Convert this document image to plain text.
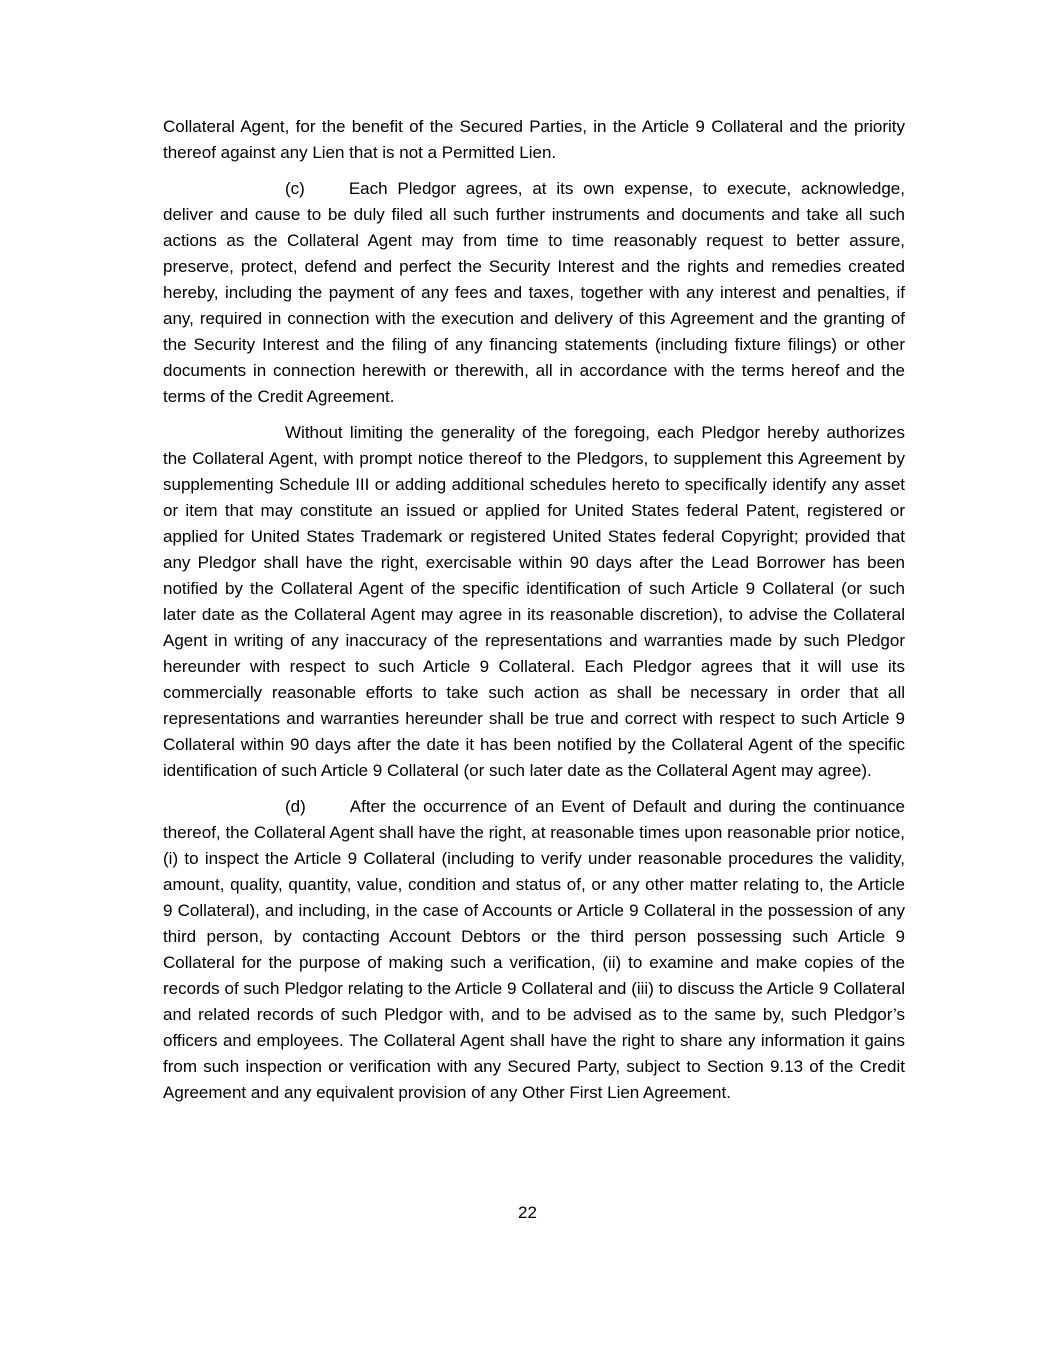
Collateral Agent, for the benefit of the Secured Parties, in the Article 9 Collateral and the priority thereof against any Lien that is not a Permitted Lien.

(c)	Each Pledgor agrees, at its own expense, to execute, acknowledge, deliver and cause to be duly filed all such further instruments and documents and take all such actions as the Collateral Agent may from time to time reasonably request to better assure, preserve, protect, defend and perfect the Security Interest and the rights and remedies created hereby, including the payment of any fees and taxes, together with any interest and penalties, if any, required in connection with the execution and delivery of this Agreement and the granting of the Security Interest and the filing of any financing statements (including fixture filings) or other documents in connection herewith or therewith, all in accordance with the terms hereof and the terms of the Credit Agreement.

Without limiting the generality of the foregoing, each Pledgor hereby authorizes the Collateral Agent, with prompt notice thereof to the Pledgors, to supplement this Agreement by supplementing Schedule III or adding additional schedules hereto to specifically identify any asset or item that may constitute an issued or applied for United States federal Patent, registered or applied for United States Trademark or registered United States federal Copyright; provided that any Pledgor shall have the right, exercisable within 90 days after the Lead Borrower has been notified by the Collateral Agent of the specific identification of such Article 9 Collateral (or such later date as the Collateral Agent may agree in its reasonable discretion), to advise the Collateral Agent in writing of any inaccuracy of the representations and warranties made by such Pledgor hereunder with respect to such Article 9 Collateral. Each Pledgor agrees that it will use its commercially reasonable efforts to take such action as shall be necessary in order that all representations and warranties hereunder shall be true and correct with respect to such Article 9 Collateral within 90 days after the date it has been notified by the Collateral Agent of the specific identification of such Article 9 Collateral (or such later date as the Collateral Agent may agree).

(d)	After the occurrence of an Event of Default and during the continuance thereof, the Collateral Agent shall have the right, at reasonable times upon reasonable prior notice, (i) to inspect the Article 9 Collateral (including to verify under reasonable procedures the validity, amount, quality, quantity, value, condition and status of, or any other matter relating to, the Article 9 Collateral), and including, in the case of Accounts or Article 9 Collateral in the possession of any third person, by contacting Account Debtors or the third person possessing such Article 9 Collateral for the purpose of making such a verification, (ii) to examine and make copies of the records of such Pledgor relating to the Article 9 Collateral and (iii) to discuss the Article 9 Collateral and related records of such Pledgor with, and to be advised as to the same by, such Pledgor’s officers and employees. The Collateral Agent shall have the right to share any information it gains from such inspection or verification with any Secured Party, subject to Section 9.13 of the Credit Agreement and any equivalent provision of any Other First Lien Agreement.

22
